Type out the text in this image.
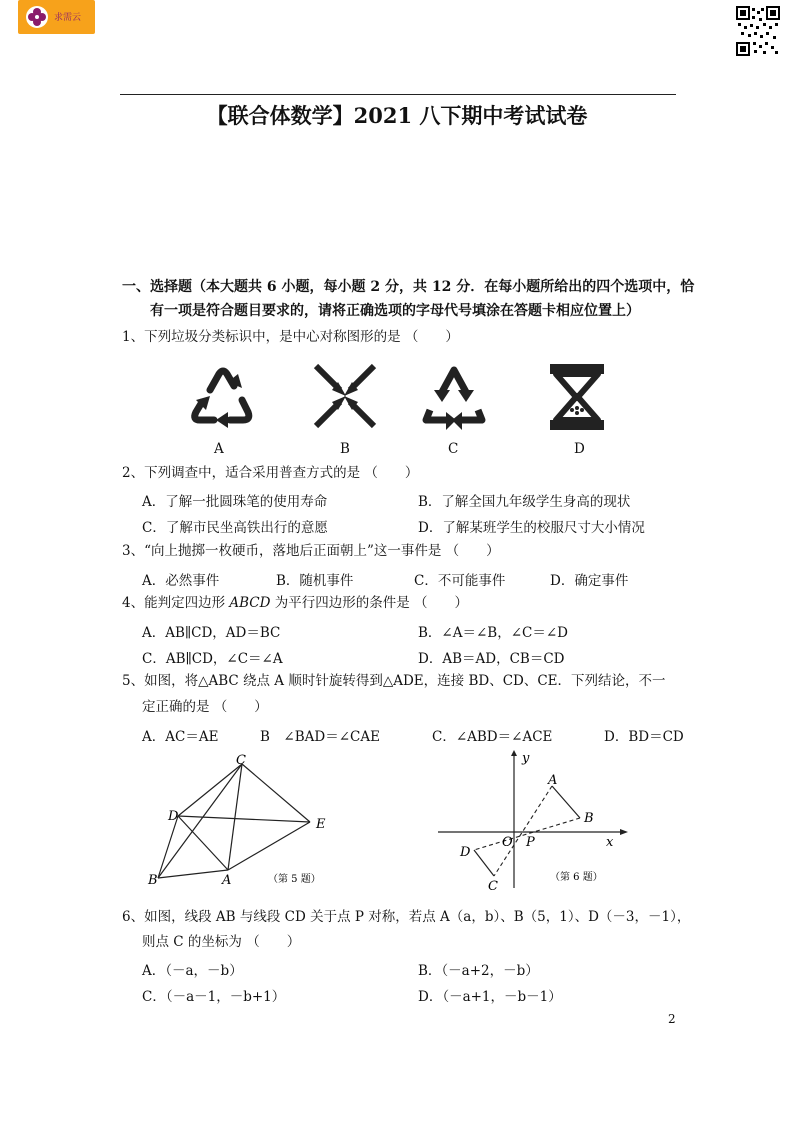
求需云
【联合体数学】2021 八下期中考试试卷
一、选择题（本大题共 6 小题，每小题 2 分，共 12 分．在每小题所给出的四个选项中，恰
有一项是符合题目要求的，请将正确选项的字母代号填涂在答题卡相应位置上）
1、下列垃圾分类标识中，是中心对称图形的是 （　　）
A	B	C	D
2、下列调查中，适合采用普查方式的是 （　　）
A．了解一批圆珠笔的使用寿命	B．了解全国九年级学生身高的现状
C．了解市民坐高铁出行的意愿	D．了解某班学生的校服尺寸大小情况
3、“向上抛掷一枚硬币，落地后正面朝上”这一事件是 （　　）
A．必然事件	B．随机事件	C．不可能事件	D．确定事件
4、能判定四边形 ABCD 为平行四边形的条件是 （　　）
A．AB∥CD，AD＝BC	B．∠A＝∠B，∠C＝∠D
C．AB∥CD，∠C＝∠A	D．AB＝AD，CB＝CD
5、如图，将△ABC 绕点 A 顺时针旋转得到△ADE，连接 BD、CD、CE．下列结论，不一
定正确的是 （　　）
A．AC＝AE	B　∠BAD＝∠CAE	C．∠ABD＝∠ACE	D．BD＝CD
C
D
E
B	A	（第 5 题）
y
x
A
B
O P
D
C
（第 6 题）
6、如图，线段 AB 与线段 CD 关于点 P 对称，若点 A（a，b）、B（5，1）、D（－3，－1），
则点 C 的坐标为 （　　）
A．（－a，－b）	B．（－a+2，－b）
C．（－a－1，－b+1）	D．（－a+1，－b－1）
2
